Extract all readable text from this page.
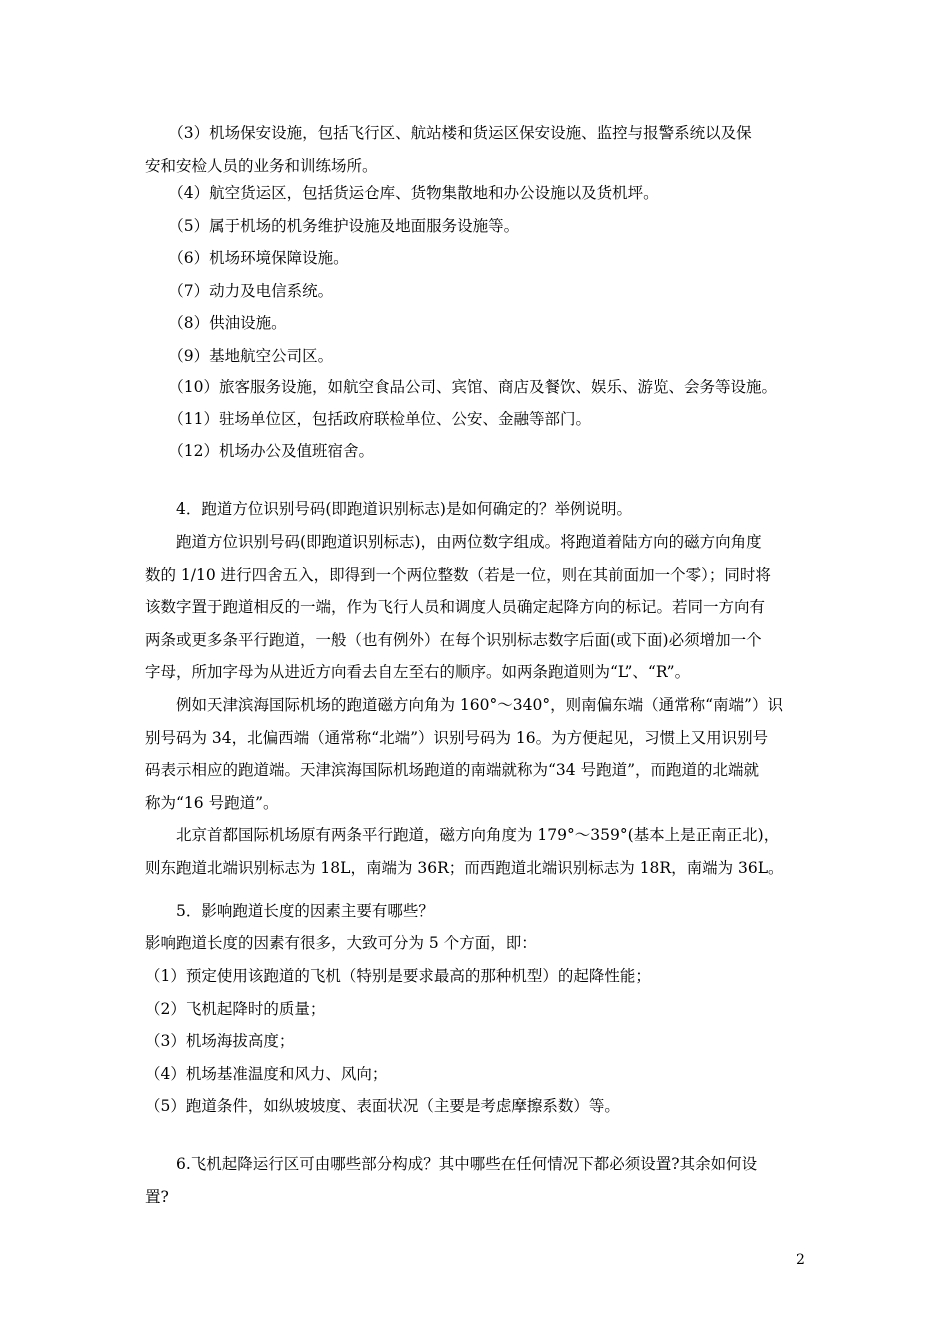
　　（3）机场保安设施，包括飞行区、航站楼和货运区保安设施、监控与报警系统以及保
安和安检人员的业务和训练场所。

　　（4）航空货运区，包括货运仓库、货物集散地和办公设施以及货机坪。

　　（5）属于机场的机务维护设施及地面服务设施等。

　　（6）机场环境保障设施。

　　（7）动力及电信系统。

　　（8）供油设施。

　　（9）基地航空公司区。

　　（10）旅客服务设施，如航空食品公司、宾馆、商店及餐饮、娱乐、游览、会务等设施。

　　（11）驻场单位区，包括政府联检单位、公安、金融等部门。

　　（12）机场办公及值班宿舍。

　　4．跑道方位识别号码(即跑道识别标志)是如何确定的？举例说明。

　　跑道方位识别号码(即跑道识别标志)，由两位数字组成。将跑道着陆方向的磁方向角度
数的 1/10 进行四舍五入，即得到一个两位整数（若是一位，则在其前面加一个零）；同时将
该数字置于跑道相反的一端，作为飞行人员和调度人员确定起降方向的标记。若同一方向有
两条或更多条平行跑道，一般（也有例外）在每个识别标志数字后面(或下面)必须增加一个
字母，所加字母为从进近方向看去自左至右的顺序。如两条跑道则为“L”、“R”。

　　例如天津滨海国际机场的跑道磁方向角为 160°～340°，则南偏东端（通常称“南端”）识
别号码为 34，北偏西端（通常称“北端”）识别号码为 16。为方便起见，习惯上又用识别号
码表示相应的跑道端。天津滨海国际机场跑道的南端就称为“34 号跑道”，而跑道的北端就
称为“16 号跑道”。

　　北京首都国际机场原有两条平行跑道，磁方向角度为 179°～359°(基本上是正南正北)，
则东跑道北端识别标志为 18L，南端为 36R；而西跑道北端识别标志为 18R，南端为 36L。

　　5．影响跑道长度的因素主要有哪些？

影响跑道长度的因素有很多，大致可分为 5 个方面，即：

（1）预定使用该跑道的飞机（特别是要求最高的那种机型）的起降性能；

（2）飞机起降时的质量；

（3）机场海拔高度；

（4）机场基准温度和风力、风向；

（5）跑道条件，如纵坡坡度、表面状况（主要是考虑摩擦系数）等。

　　6.飞机起降运行区可由哪些部分构成？其中哪些在任何情况下都必须设置?其余如何设
置?

2
